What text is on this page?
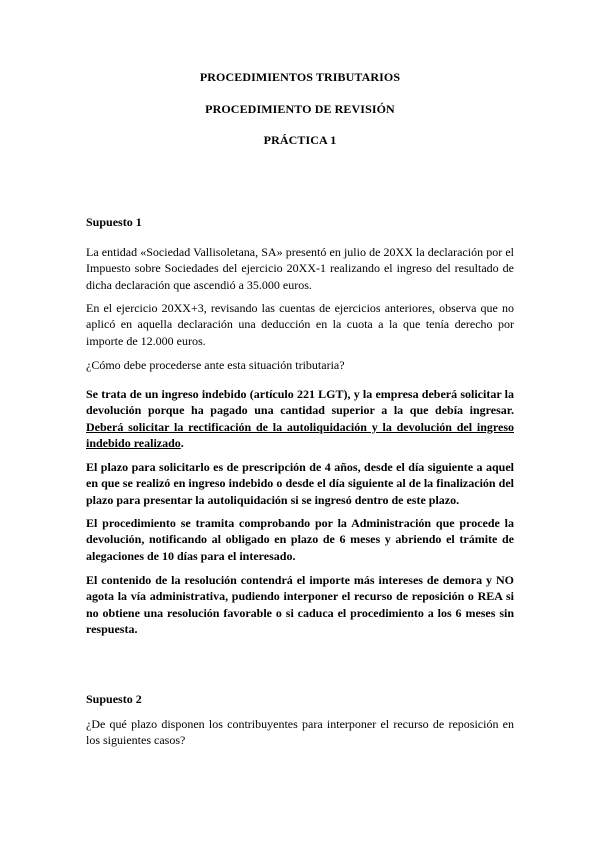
PROCEDIMIENTOS TRIBUTARIOS
PROCEDIMIENTO DE REVISIÓN
PRÁCTICA 1
Supuesto 1

La entidad «Sociedad Vallisoletana, SA» presentó en julio de 20XX la declaración por el Impuesto sobre Sociedades del ejercicio 20XX-1 realizando el ingreso del resultado de dicha declaración que ascendió a 35.000 euros.

En el ejercicio 20XX+3, revisando las cuentas de ejercicios anteriores, observa que no aplicó en aquella declaración una deducción en la cuota a la que tenía derecho por importe de 12.000 euros.

¿Cómo debe procederse ante esta situación tributaria?

Se trata de un ingreso indebido (artículo 221 LGT), y la empresa deberá solicitar la devolución porque ha pagado una cantidad superior a la que debía ingresar. Deberá solicitar la rectificación de la autoliquidación y la devolución del ingreso indebido realizado.

El plazo para solicitarlo es de prescripción de 4 años, desde el día siguiente a aquel en que se realizó en ingreso indebido o desde el día siguiente al de la finalización del plazo para presentar la autoliquidación si se ingresó dentro de este plazo.

El procedimiento se tramita comprobando por la Administración que procede la devolución, notificando al obligado en plazo de 6 meses y abriendo el trámite de alegaciones de 10 días para el interesado.

El contenido de la resolución contendrá el importe más intereses de demora y NO agota la vía administrativa, pudiendo interponer el recurso de reposición o REA si no obtiene una resolución favorable o si caduca el procedimiento a los 6 meses sin respuesta.

Supuesto 2

¿De qué plazo disponen los contribuyentes para interponer el recurso de reposición en los siguientes casos?
